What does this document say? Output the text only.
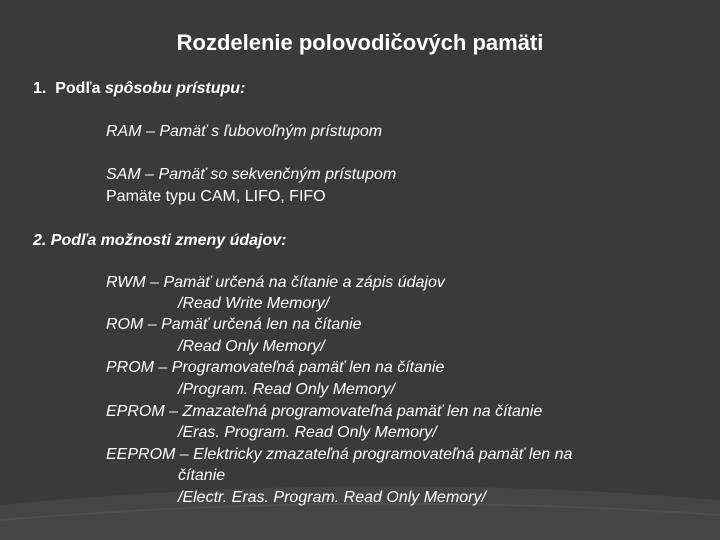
Rozdelenie polovodičových pamäti
1. Podľa spôsobu prístupu:
RAM – Pamäť s ľubovoľným prístupom
SAM – Pamäť so sekvenčným prístupom
Pamäte typu CAM, LIFO, FIFO
2. Podľa možnosti zmeny údajov:
RWM – Pamäť určená na čítanie a zápis údajov
/Read Write Memory/
ROM – Pamäť určená len na čítanie
/Read Only Memory/
PROM – Programovateľná pamäť len na čítanie
/Program. Read Only Memory/
EPROM – Zmazateľná programovateľná pamäť len na čítanie
/Eras. Program. Read Only Memory/
EEPROM – Elektricky zmazateľná programovateľná pamäť len na
čítanie
/Electr. Eras. Program. Read Only Memory/
